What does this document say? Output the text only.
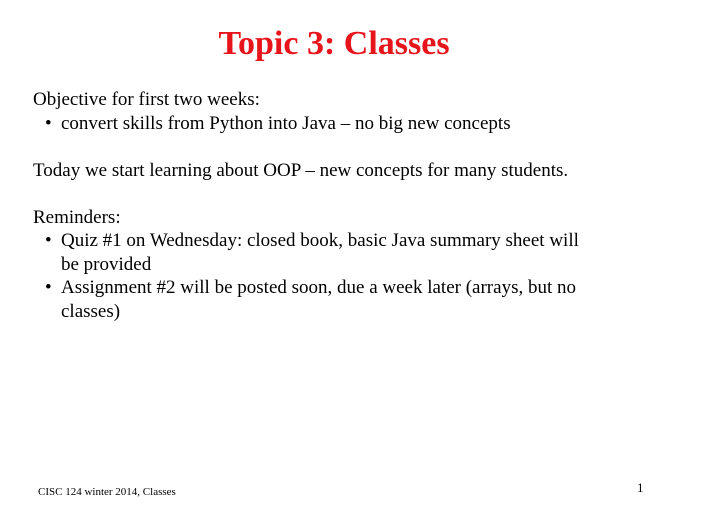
Topic 3: Classes

Objective for first two weeks:

• convert skills from Python into Java – no big new concepts

Today we start learning about OOP – new concepts for many students.

Reminders:

• Quiz #1 on Wednesday: closed book, basic Java summary sheet will
be provided
• Assignment #2 will be posted soon, due a week later (arrays, but no
classes)
CISC 124 winter 2014, Classes	1
